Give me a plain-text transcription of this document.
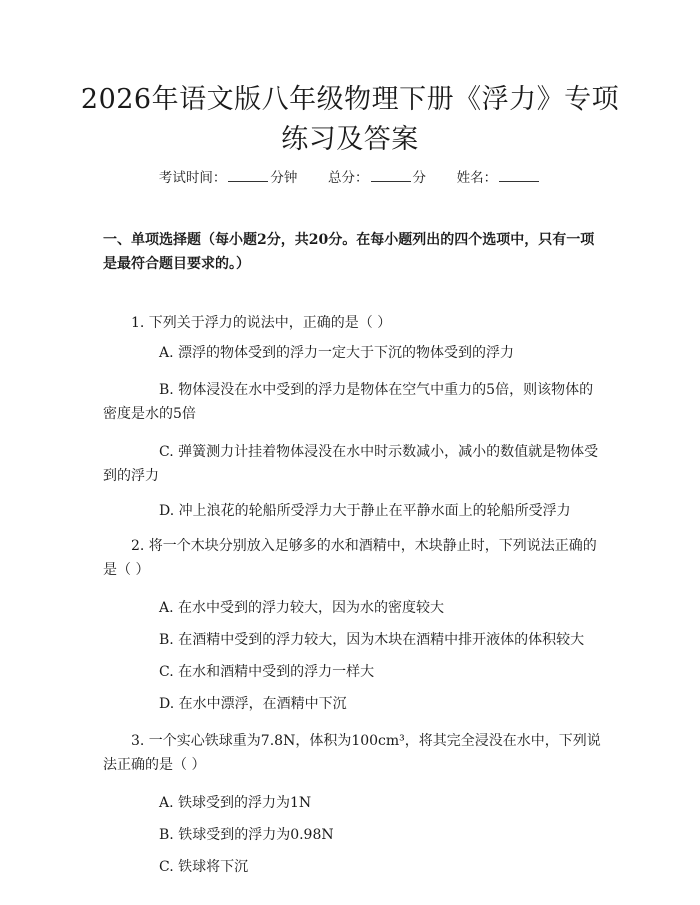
2026年语文版八年级物理下册《浮力》专项
练习及答案
考试时间：	分钟 总分：	分 姓名：
一、单项选择题（每小题2分，共20分。在每小题列出的四个选项中，只有一项是最符合题目要求的。）
1. 下列关于浮力的说法中，正确的是（ ）
A. 漂浮的物体受到的浮力一定大于下沉的物体受到的浮力
B. 物体浸没在水中受到的浮力是物体在空气中重力的5倍，则该物体的密度是水的5倍
C. 弹簧测力计挂着物体浸没在水中时示数减小，减小的数值就是物体受到的浮力
D. 冲上浪花的轮船所受浮力大于静止在平静水面上的轮船所受浮力
2. 将一个木块分别放入足够多的水和酒精中，木块静止时，下列说法正确的是（ ）
A. 在水中受到的浮力较大，因为水的密度较大
B. 在酒精中受到的浮力较大，因为木块在酒精中排开液体的体积较大
C. 在水和酒精中受到的浮力一样大
D. 在水中漂浮，在酒精中下沉
3. 一个实心铁球重为7.8N，体积为100cm³，将其完全浸没在水中，下列说法正确的是（ ）
A. 铁球受到的浮力为1N
B. 铁球受到的浮力为0.98N
C. 铁球将下沉
